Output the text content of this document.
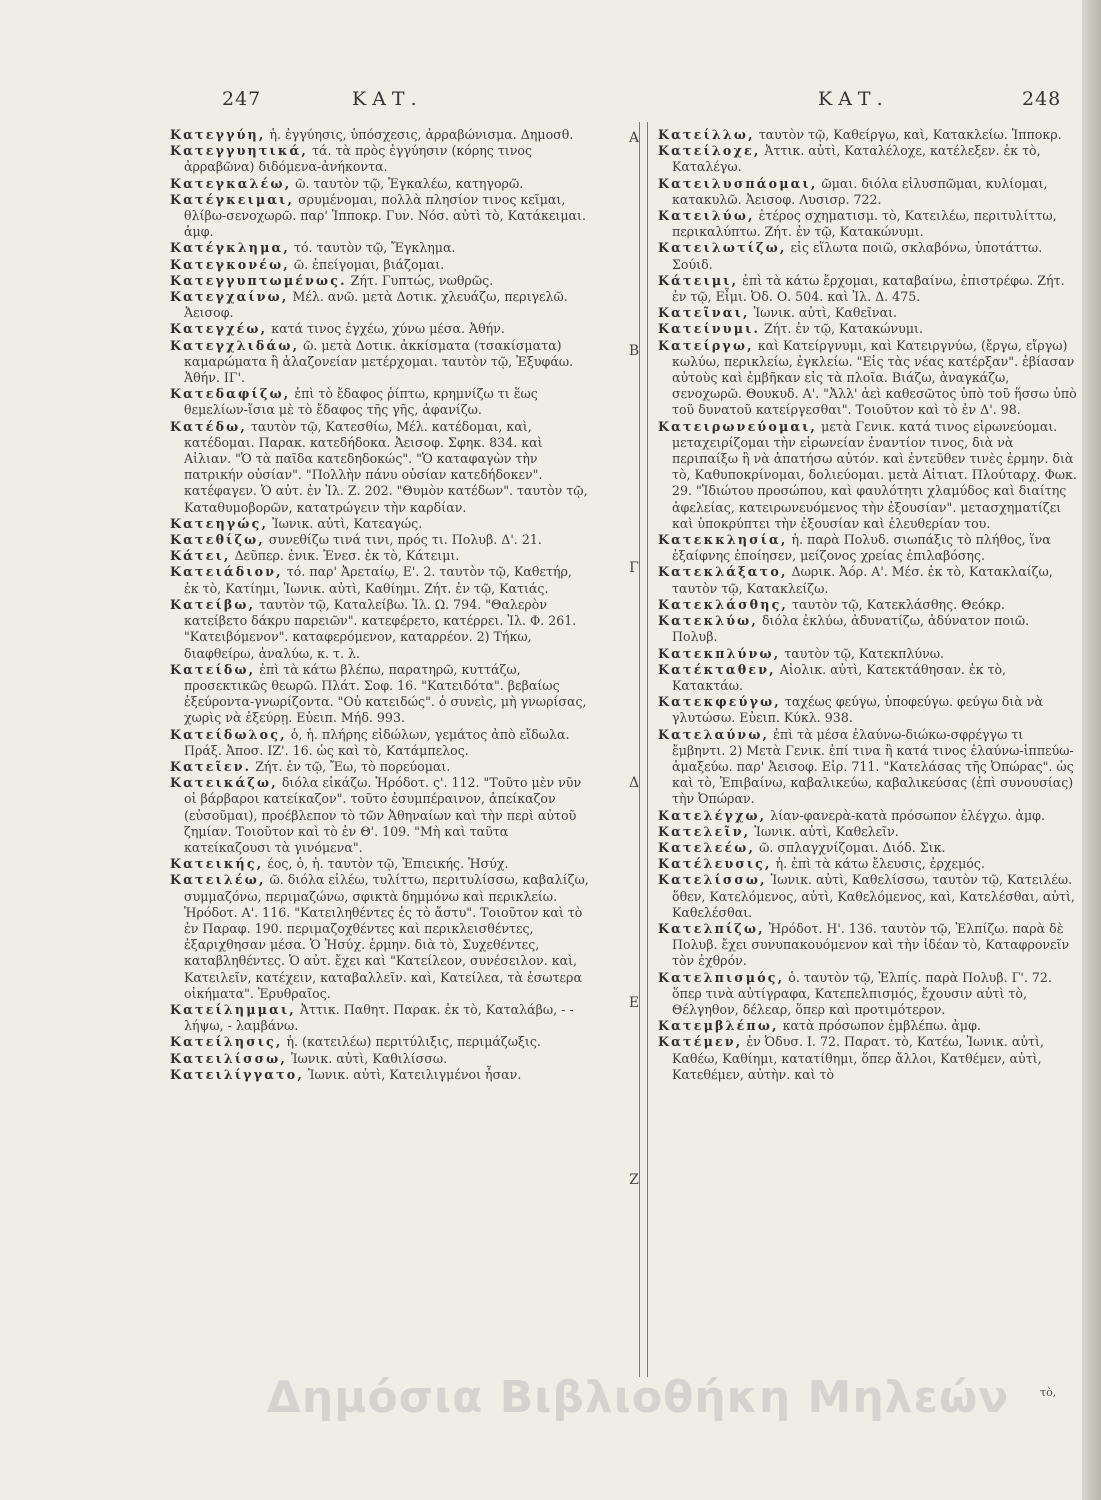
247	ΚΑΤ.	ΚΑΤ.	248
Α
Β
Γ
Δ
Ε
Ζ
Κατεγγύη, ἡ. ἐγγύησις, ὑπόσχεσις, ἀρραβώνισμα. Δημοσθ.
Κατεγγυητικά, τά. τὰ πρὸς ἐγγύησιν (κόρης τινος ἀρραβῶνα) διδόμενα-ἀνήκοντα.
Κατεγκαλέω, ῶ. ταυτὸν τῷ, Ἐγκαλέω, κατηγορῶ.
Κατέγκειμαι, σρυμένομαι, πολλὰ πλησίον τινος κεῖμαι, θλίβω-σενοχωρῶ. παρ' Ἱπποκρ. Γυν. Νόσ. αὐτὶ τὸ, Κατάκειμαι. ἀμφ.
Κατέγκλημα, τό. ταυτὸν τῷ, Ἔγκλημα.
Κατεγκονέω, ῶ. ἐπείγομαι, βιάζομαι.
Κατεγγυπτωμένως. Ζήτ. Γυπτώς, νωθρῶς.
Κατεγχαίνω, Μέλ. ανῶ. μετὰ Δοτικ. χλευάζω, περιγελῶ. Ἀεισοφ.
Κατεγχέω, κατά τινος ἐγχέω, χύνω μέσα. Ἀθήν.
Κατεγχλιδάω, ῶ. μετὰ Δοτικ. ἀκκίσματα (τσακίσματα) καμαρώματα ἢ ἀλαζονείαν μετέρχομαι. ταυτὸν τῷ, Ἐξυφάω. Ἀθήν. ΙΓ'.
Κατεδαφίζω, ἐπὶ τὸ ἔδαφος ῥίπτω, κρημνίζω τι ἕως θεμελίων-ἴσια μὲ τὸ ἔδαφος τῆς γῆς, ἀφανίζω.
Κατέδω, ταυτὸν τῷ, Κατεσθίω, Μέλ. κατέδομαι, καὶ, κατέδομαι. Παρακ. κατεδήδοκα. Ἀεισοφ. Σφηκ. 834. καὶ Αἰλιαν. "Ὁ τὰ παῖδα κατεδηδοκώς". "Ὁ καταφαγὼν τὴν πατρικήν οὐσίαν". "Πολλὴν πάνυ οὐσίαν κατεδήδοκεν". κατέφαγεν. Ὁ αὐτ. ἐν Ἰλ. Ζ. 202. "Θυμὸν κατέδων". ταυτὸν τῷ, Καταθυμοβορῶν, κατατρώγειν τὴν καρδίαν.
Κατεηγώς, Ἰωνικ. αὐτὶ, Κατεαγώς.
Κατεθίζω, συνεθίζω τινά τινι, πρός τι. Πολυβ. Δ'. 21.
Κάτει, Δεῦπερ. ἐνικ. Ἐνεσ. ἐκ τὸ, Κάτειμι.
Κατειάδιον, τό. παρ' Ἀρεταίῳ, Ε'. 2. ταυτὸν τῷ, Καθετήρ, ἐκ τὸ, Κατίημι, Ἰωνικ. αὐτὶ, Καθίημι. Ζήτ. ἐν τῷ, Κατιάς.
Κατείβω, ταυτὸν τῷ, Καταλείβω. Ἰλ. Ω. 794. "Θαλερὸν κατείβετο δάκρυ παρειῶν". κατεφέρετο, κατέρρει. Ἰλ. Φ. 261. "Κατειβόμενον". καταφερόμενον, καταρρέον. 2) Τήκω, διαφθείρω, ἀναλύω, κ. τ. λ.
Κατείδω, ἐπὶ τὰ κάτω βλέπω, παρατηρῶ, κυττάζω, προσεκτικῶς θεωρῶ. Πλάτ. Σοφ. 16. "Κατειδότα". βεβαίως ἐξεύροντα-γνωρίζοντα. "Οὐ κατειδώς". ὁ συνεὶς, μὴ γνωρίσας, χωρὶς νὰ ἐξεύρῃ. Εὐειπ. Μήδ. 993.
Κατείδωλος, ὁ, ἡ. πλήρης εἰδώλων, γεμάτος ἀπὸ εἴδωλα. Πράξ. Ἀποσ. ΙΖ'. 16. ὡς καὶ τὸ, Κατάμπελος.
Κατεῖεν. Ζήτ. ἐν τῷ, Ἔω, τὸ πορεύομαι.
Κατεικάζω, διόλα εἰκάζω. Ἡρόδοτ. ς'. 112. "Τοῦτο μὲν νῦν οἱ βάρβαροι κατείκαζον". τοῦτο ἐσυμπέραινον, ἀπείκαζον (εὐσοῦμαι), προέβλεπον τὸ τῶν Ἀθηναίων καὶ τὴν περὶ αὐτοῦ ζημίαν. Τοιοῦτον καὶ τὸ ἐν Θ'. 109. "Μὴ καὶ ταῦτα κατείκαζουσι τὰ γινόμενα".
Κατεικής, έος, ὁ, ἡ. ταυτὸν τῷ, Ἐπιεικής. Ἡσύχ.
Κατειλέω, ῶ. διόλα εἰλέω, τυλίττω, περιτυλίσσω, καβαλίζω, συμμαζόνω, περιμαζώνω, σφικτὰ δημμόνω καὶ περικλείω. Ἡρόδοτ. Α'. 116. "Κατειληθέντες ἐς τὸ ἄστυ". Τοιοῦτον καὶ τὸ ἐν Παραφ. 190. περιμαζοχθέντες καὶ περικλεισθέντες, ἐξαριχθησαν μέσα. Ὁ Ἡσύχ. ἑρμην. διὰ τὸ, Συχεθέντες, καταβληθέντες. Ὁ αὐτ. ἔχει καὶ "Κατείλεον, συνέσειλον. καὶ, Κατειλεῖν, κατέχειν, καταβαλλεῖν. καὶ, Κατείλεα, τὰ ἐσωτερα οἰκήματα". Ἐρυθραῖος.
Κατείλημμαι, Ἀττικ. Παθητ. Παρακ. ἐκ τὸ, Καταλάβω, - - λήψω, - λαμβάνω.
Κατείλησις, ἡ. (κατειλέω) περιτύλιξις, περιμάζωξις.
Κατειλίσσω, Ἰωνικ. αὐτὶ, Καθιλίσσω.
Κατειλίγγατο, Ἰωνικ. αὐτὶ, Κατειλιγμένοι ἦσαν.
Κατείλλω, ταυτὸν τῷ, Καθείργω, καὶ, Κατακλείω. Ἱπποκρ.
Κατείλοχε, Ἀττικ. αὐτὶ, Καταλέλοχε, κατέλεξεν. ἐκ τὸ, Καταλέγω.
Κατειλυσπάομαι, ῶμαι. διόλα εἰλυσπῶμαι, κυλίομαι, κατακυλῶ. Ἀεισοφ. Λυσισρ. 722.
Κατειλύω, ἑτέρος σχηματισμ. τὸ, Κατειλέω, περιτυλίττω, περικαλύπτω. Ζήτ. ἐν τῷ, Κατακώνυμι.
Κατειλωτίζω, εἰς εἵλωτα ποιῶ, σκλαβόνω, ὑποτάττω. Σούιδ.
Κάτειμι, ἐπὶ τὰ κάτω ἔρχομαι, καταβαίνω, ἐπιστρέφω. Ζήτ. ἐν τῷ, Εἶμι. Ὀδ. Ο. 504. καὶ Ἰλ. Δ. 475.
Κατεῖναι, Ἰωνικ. αὐτὶ, Καθεῖναι.
Κατείνυμι. Ζήτ. ἐν τῷ, Κατακώνυμι.
Κατείργω, καὶ Κατείργνυμι, καὶ Κατειργνύω, (ἔργω, εἴργω) κωλύω, περικλείω, ἐγκλείω. "Εἰς τὰς νέας κατέρξαν". ἐβίασαν αὐτοὺς καὶ ἐμβῆκαν εἰς τὰ πλοῖα. Βιάζω, ἀναγκάζω, σενοχωρῶ. Θουκυδ. Α'. "Ἀλλ' ἀεὶ καθεσῶτος ὑπὸ τοῦ ἥσσω ὑπὸ τοῦ δυνατοῦ κατείργεσθαι". Τοιοῦτον καὶ τὸ ἐν Δ'. 98.
Κατειρωνεύομαι, μετὰ Γενικ. κατά τινος εἰρωνεύομαι. μεταχειρίζομαι τὴν εἰρωνείαν ἐναντίον τινος, διὰ νὰ περιπαίξω ἢ νὰ ἀπατήσω αὐτόν. καὶ ἐντεῦθεν τινὲς ἑρμην. διὰ τὸ, Καθυποκρίνομαι, δολιεύομαι. μετὰ Αἰτιατ. Πλούταρχ. Φωκ. 29. "Ἰδιώτου προσώπου, καὶ φαυλότητι χλαμύδος καὶ διαίτης ἀφελείας, κατειρωνευόμενος τὴν ἐξουσίαν". μετασχηματίζει καὶ ὑποκρύπτει τὴν ἐξουσίαν καὶ ἐλευθερίαν του.
Κατεκκλησία, ἡ. παρὰ Πολυδ. σιωπάξις τὸ πλήθος, ἵνα ἐξαίφνης ἐποίησεν, μείζονος χρείας ἐπιλαβόσης.
Κατεκλάξατο, Δωρικ. Ἀόρ. Α'. Μέσ. ἐκ τὸ, Κατακλαίζω, ταυτὸν τῷ, Κατακλείζω.
Κατεκλάσθης, ταυτὸν τῷ, Κατεκλάσθης. Θεόκρ.
Κατεκλύω, διόλα ἐκλύω, ἀδυνατίζω, ἀδύνατον ποιῶ. Πολυβ.
Κατεκπλύνω, ταυτὸν τῷ, Κατεκπλύνω.
Κατέκταθεν, Αἰολικ. αὐτὶ, Κατεκτάθησαν. ἐκ τὸ, Κατακτάω.
Κατεκφεύγω, ταχέως φεύγω, ὑποφεύγω. φεύγω διὰ νὰ γλυτώσω. Εὐειπ. Κύκλ. 938.
Κατελαύνω, ἐπὶ τὰ μέσα ἐλαύνω-διώκω-σφρέγγω τι ἔμβηντι. 2) Μετὰ Γενικ. ἐπί τινα ἢ κατά τινος ἐλαύνω-ἱππεύω-ἁμαξεύω. παρ' Ἀεισοφ. Εἰρ. 711. "Κατελάσας τῆς Ὀπώρας". ὡς καὶ τὸ, Ἐπιβαίνω, καβαλικεύω, καβαλικεύσας (ἐπὶ συνουσίας) τὴν Ὀπώραν.
Κατελέγχω, λίαν-φανερὰ-κατὰ πρόσωπον ἐλέγχω. ἀμφ.
Κατελεῖν, Ἰωνικ. αὐτὶ, Καθελεῖν.
Κατελεέω, ῶ. σπλαγχνίζομαι. Διόδ. Σικ.
Κατέλευσις, ἡ. ἐπὶ τὰ κάτω ἔλευσις, ἐρχεμός.
Κατελίσσω, Ἰωνικ. αὐτὶ, Καθελίσσω, ταυτὸν τῷ, Κατειλέω. ὅθεν, Κατελόμενος, αὐτὶ, Καθελόμενος, καὶ, Κατελέσθαι, αὐτὶ, Καθελέσθαι.
Κατελπίζω, Ἡρόδοτ. Η'. 136. ταυτὸν τῷ, Ἐλπίζω. παρὰ δὲ Πολυβ. ἔχει συνυπακουόμενον καὶ τὴν ἰδέαν τὸ, Καταφρονεῖν τὸν ἐχθρόν.
Κατελπισμός, ὁ. ταυτὸν τῷ, Ἐλπίς. παρὰ Πολυβ. Γ'. 72. ὅπερ τινὰ αὐτίγραφα, Κατεπελπισμός, ἔχουσιν αὐτὶ τὸ, Θέλγηθον, δέλεαρ, ὅπερ καὶ προτιμότερον.
Κατεμβλέπω, κατὰ πρόσωπον ἐμβλέπω. ἀμφ.
Κατέμεν, ἐν Ὀδυσ. Ι. 72. Παρατ. τὸ, Κατέω, Ἰωνικ. αὐτὶ, Καθέω, Καθίημι, κατατίθημι, ὅπερ ἄλλοι, Κατθέμεν, αὐτὶ, Κατεθέμεν, αὐτὴν. καὶ τὸ
τὸ,
Δημόσια Βιβλιοθήκη Μηλεών
